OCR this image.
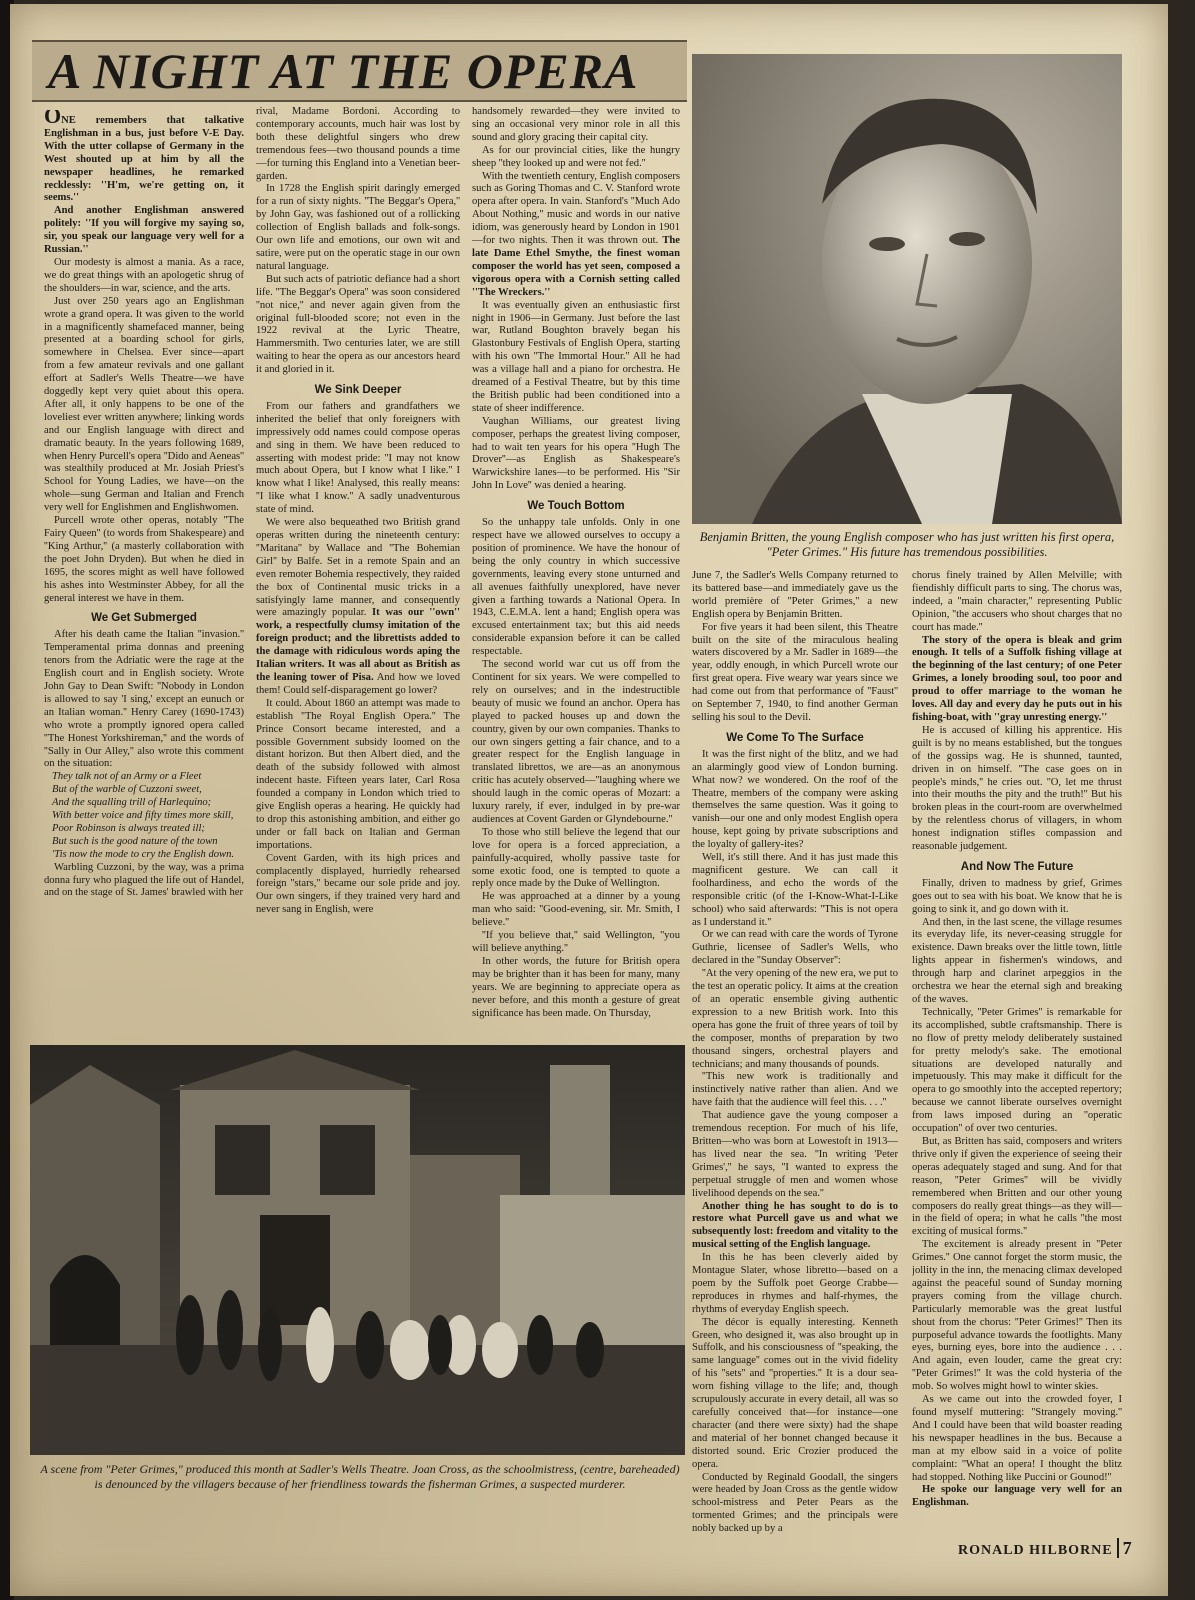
A NIGHT AT THE OPERA
Benjamin Britten, the young English composer who has just written his first opera, "Peter Grimes." His future has tremendous possibilities.

ONE remembers that talkative Englishman in a bus, just before V-E Day. With the utter collapse of Germany in the West shouted up at him by all the newspaper headlines, he remarked recklessly: ''H'm, we're getting on, it seems.''

And another Englishman answered politely: ''If you will forgive my saying so, sir, you speak our language very well for a Russian.''

Our modesty is almost a mania. As a race, we do great things with an apologetic shrug of the shoulders—in war, science, and the arts.

Just over 250 years ago an Englishman wrote a grand opera. It was given to the world in a magnificently shamefaced manner, being presented at a boarding school for girls, somewhere in Chelsea. Ever since—apart from a few amateur revivals and one gallant effort at Sadler's Wells Theatre—we have doggedly kept very quiet about this opera. After all, it only happens to be one of the loveliest ever written anywhere; linking words and our English language with direct and dramatic beauty. In the years following 1689, when Henry Purcell's opera ''Dido and Aeneas'' was stealthily produced at Mr. Josiah Priest's School for Young Ladies, we have—on the whole—sung German and Italian and French very well for Englishmen and Englishwomen.

Purcell wrote other operas, notably ''The Fairy Queen'' (to words from Shakespeare) and ''King Arthur,'' (a masterly collaboration with the poet John Dryden). But when he died in 1695, the scores might as well have followed his ashes into Westminster Abbey, for all the general interest we have in them.

We Get Submerged

After his death came the Italian ''invasion.'' Temperamental prima donnas and preening tenors from the Adriatic were the rage at the English court and in English society. Wrote John Gay to Dean Swift: ''Nobody in London is allowed to say 'I sing,' except an eunuch or an Italian woman.'' Henry Carey (1690-1743) who wrote a promptly ignored opera called ''The Honest Yorkshireman,'' and the words of ''Sally in Our Alley,'' also wrote this comment on the situation:

They talk not of an Army or a Fleet

But of the warble of Cuzzoni sweet,

And the squalling trill of Harlequino;

With better voice and fifty times more skill,

Poor Robinson is always treated ill;

But such is the good nature of the town

'Tis now the mode to cry the English down.

Warbling Cuzzoni, by the way, was a prima donna fury who plagued the life out of Handel, and on the stage of St. James' brawled with her

rival, Madame Bordoni. According to contemporary accounts, much hair was lost by both these delightful singers who drew tremendous fees—two thousand pounds a time—for turning this England into a Venetian beer-garden.

In 1728 the English spirit daringly emerged for a run of sixty nights. ''The Beggar's Opera,'' by John Gay, was fashioned out of a rollicking collection of English ballads and folk-songs. Our own life and emotions, our own wit and satire, were put on the operatic stage in our own natural language.

But such acts of patriotic defiance had a short life. ''The Beggar's Opera'' was soon considered ''not nice,'' and never again given from the original full-blooded score; not even in the 1922 revival at the Lyric Theatre, Hammersmith. Two centuries later, we are still waiting to hear the opera as our ancestors heard it and gloried in it.

We Sink Deeper

From our fathers and grandfathers we inherited the belief that only foreigners with impressively odd names could compose operas and sing in them. We have been reduced to asserting with modest pride: ''I may not know much about Opera, but I know what I like.'' I know what I like! Analysed, this really means: ''I like what I know.'' A sadly unadventurous state of mind.

We were also bequeathed two British grand operas written during the nineteenth century: ''Maritana'' by Wallace and ''The Bohemian Girl'' by Balfe. Set in a remote Spain and an even remoter Bohemia respectively, they raided the box of Continental music tricks in a satisfyingly lame manner, and consequently were amazingly popular. It was our ''own'' work, a respectfully clumsy imitation of the foreign product; and the librettists added to the damage with ridiculous words aping the Italian writers. It was all about as British as the leaning tower of Pisa. And how we loved them! Could self-disparagement go lower?

It could. About 1860 an attempt was made to establish ''The Royal English Opera.'' The Prince Consort became interested, and a possible Government subsidy loomed on the distant horizon. But then Albert died, and the death of the subsidy followed with almost indecent haste. Fifteen years later, Carl Rosa founded a company in London which tried to give English operas a hearing. He quickly had to drop this astonishing ambition, and either go under or fall back on Italian and German importations.

Covent Garden, with its high prices and complacently displayed, hurriedly rehearsed foreign ''stars,'' became our sole pride and joy. Our own singers, if they trained very hard and never sang in English, were

handsomely rewarded—they were invited to sing an occasional very minor role in all this sound and glory gracing their capital city.

As for our provincial cities, like the hungry sheep ''they looked up and were not fed.''

With the twentieth century, English composers such as Goring Thomas and C. V. Stanford wrote opera after opera. In vain. Stanford's ''Much Ado About Nothing,'' music and words in our native idiom, was generously heard by London in 1901—for two nights. Then it was thrown out. The late Dame Ethel Smythe, the finest woman composer the world has yet seen, composed a vigorous opera with a Cornish setting called ''The Wreckers.''

It was eventually given an enthusiastic first night in 1906—in Germany. Just before the last war, Rutland Boughton bravely began his Glastonbury Festivals of English Opera, starting with his own ''The Immortal Hour.'' All he had was a village hall and a piano for orchestra. He dreamed of a Festival Theatre, but by this time the British public had been conditioned into a state of sheer indifference.

Vaughan Williams, our greatest living composer, perhaps the greatest living composer, had to wait ten years for his opera ''Hugh The Drover''—as English as Shakespeare's Warwickshire lanes—to be performed. His ''Sir John In Love'' was denied a hearing.

We Touch Bottom

So the unhappy tale unfolds. Only in one respect have we allowed ourselves to occupy a position of prominence. We have the honour of being the only country in which successive governments, leaving every stone unturned and all avenues faithfully unexplored, have never given a farthing towards a National Opera. In 1943, C.E.M.A. lent a hand; English opera was excused entertainment tax; but this aid needs considerable expansion before it can be called respectable.

The second world war cut us off from the Continent for six years. We were compelled to rely on ourselves; and in the indestructible beauty of music we found an anchor. Opera has played to packed houses up and down the country, given by our own companies. Thanks to our own singers getting a fair chance, and to a greater respect for the English language in translated librettos, we are—as an anonymous critic has acutely observed—''laughing where we should laugh in the comic operas of Mozart: a luxury rarely, if ever, indulged in by pre-war audiences at Covent Garden or Glyndebourne.''

To those who still believe the legend that our love for opera is a forced appreciation, a painfully-acquired, wholly passive taste for some exotic food, one is tempted to quote a reply once made by the Duke of Wellington.

He was approached at a dinner by a young man who said: ''Good-evening, sir. Mr. Smith, I believe.''

''If you believe that,'' said Wellington, ''you will believe anything.''

In other words, the future for British opera may be brighter than it has been for many, many years. We are beginning to appreciate opera as never before, and this month a gesture of great significance has been made. On Thursday,

June 7, the Sadler's Wells Company returned to its battered base—and immediately gave us the world première of ''Peter Grimes,'' a new English opera by Benjamin Britten.

For five years it had been silent, this Theatre built on the site of the miraculous healing waters discovered by a Mr. Sadler in 1689—the year, oddly enough, in which Purcell wrote our first great opera. Five weary war years since we had come out from that performance of ''Faust'' on September 7, 1940, to find another German selling his soul to the Devil.

We Come To The Surface

It was the first night of the blitz, and we had an alarmingly good view of London burning. What now? we wondered. On the roof of the Theatre, members of the company were asking themselves the same question. Was it going to vanish—our one and only modest English opera house, kept going by private subscriptions and the loyalty of gallery-ites?

Well, it's still there. And it has just made this magnificent gesture. We can call it foolhardiness, and echo the words of the responsible critic (of the I-Know-What-I-Like school) who said afterwards: ''This is not opera as I understand it.''

Or we can read with care the words of Tyrone Guthrie, licensee of Sadler's Wells, who declared in the ''Sunday Observer'':

''At the very opening of the new era, we put to the test an operatic policy. It aims at the creation of an operatic ensemble giving authentic expression to a new British work. Into this opera has gone the fruit of three years of toil by the composer, months of preparation by two thousand singers, orchestral players and technicians; and many thousands of pounds.

''This new work is traditionally and instinctively native rather than alien. And we have faith that the audience will feel this. . . .''

That audience gave the young composer a tremendous reception. For much of his life, Britten—who was born at Lowestoft in 1913—has lived near the sea. ''In writing 'Peter Grimes','' he says, ''I wanted to express the perpetual struggle of men and women whose livelihood depends on the sea.''

Another thing he has sought to do is to restore what Purcell gave us and what we subsequently lost: freedom and vitality to the musical setting of the English language.

In this he has been cleverly aided by Montague Slater, whose libretto—based on a poem by the Suffolk poet George Crabbe—reproduces in rhymes and half-rhymes, the rhythms of everyday English speech.

The décor is equally interesting. Kenneth Green, who designed it, was also brought up in Suffolk, and his consciousness of ''speaking, the same language'' comes out in the vivid fidelity of his ''sets'' and ''properties.'' It is a dour sea-worn fishing village to the life; and, though scrupulously accurate in every detail, all was so carefully conceived that—for instance—one character (and there were sixty) had the shape and material of her bonnet changed because it distorted sound. Eric Crozier produced the opera.

Conducted by Reginald Goodall, the singers were headed by Joan Cross as the gentle widow school-mistress and Peter Pears as the tormented Grimes; and the principals were nobly backed up by a

chorus finely trained by Allen Melville; with fiendishly difficult parts to sing. The chorus was, indeed, a ''main character,'' representing Public Opinion, ''the accusers who shout charges that no court has made.''

The story of the opera is bleak and grim enough. It tells of a Suffolk fishing village at the beginning of the last century; of one Peter Grimes, a lonely brooding soul, too poor and proud to offer marriage to the woman he loves. All day and every day he puts out in his fishing-boat, with ''gray unresting energy.''

He is accused of killing his apprentice. His guilt is by no means established, but the tongues of the gossips wag. He is shunned, taunted, driven in on himself. ''The case goes on in people's minds,'' he cries out. ''O, let me thrust into their mouths the pity and the truth!'' But his broken pleas in the court-room are overwhelmed by the relentless chorus of villagers, in whom honest indignation stifles compassion and reasonable judgement.

And Now The Future

Finally, driven to madness by grief, Grimes goes out to sea with his boat. We know that he is going to sink it, and go down with it.

And then, in the last scene, the village resumes its everyday life, its never-ceasing struggle for existence. Dawn breaks over the little town, little lights appear in fishermen's windows, and through harp and clarinet arpeggios in the orchestra we hear the eternal sigh and breaking of the waves.

Technically, ''Peter Grimes'' is remarkable for its accomplished, subtle craftsmanship. There is no flow of pretty melody deliberately sustained for pretty melody's sake. The emotional situations are developed naturally and impetuously. This may make it difficult for the opera to go smoothly into the accepted repertory; because we cannot liberate ourselves overnight from laws imposed during an ''operatic occupation'' of over two centuries.

But, as Britten has said, composers and writers thrive only if given the experience of seeing their operas adequately staged and sung. And for that reason, ''Peter Grimes'' will be vividly remembered when Britten and our other young composers do really great things—as they will—in the field of opera; in what he calls ''the most exciting of musical forms.''

The excitement is already present in ''Peter Grimes.'' One cannot forget the storm music, the jollity in the inn, the menacing climax developed against the peaceful sound of Sunday morning prayers coming from the village church. Particularly memorable was the great lustful shout from the chorus: ''Peter Grimes!'' Then its purposeful advance towards the footlights. Many eyes, burning eyes, bore into the audience . . . And again, even louder, came the great cry: ''Peter Grimes!'' It was the cold hysteria of the mob. So wolves might howl to winter skies.

As we came out into the crowded foyer, I found myself muttering: ''Strangely moving.'' And I could have been that wild boaster reading his newspaper headlines in the bus. Because a man at my elbow said in a voice of polite complaint: ''What an opera! I thought the blitz had stopped. Nothing like Puccini or Gounod!''

He spoke our language very well for an Englishman.

A scene from "Peter Grimes," produced this month at Sadler's Wells Theatre. Joan Cross, as the schoolmistress, (centre, bareheaded) is denounced by the villagers because of her friendliness towards the fisherman Grimes, a suspected murderer.
RONALD HILBORNE 7
